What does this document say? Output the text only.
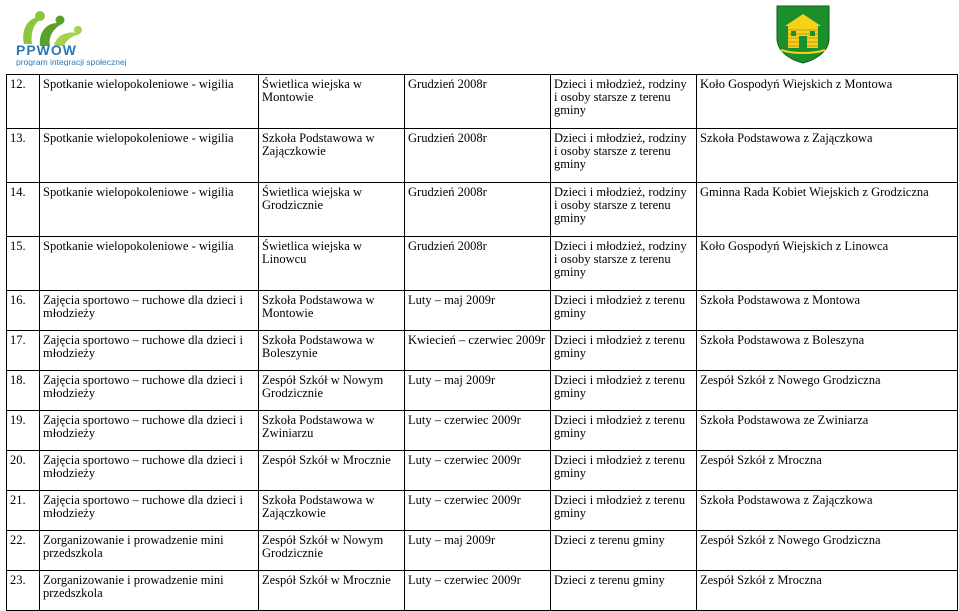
PPWOW
program integracji społecznej
12.	Spotkanie wielopokoleniowe - wigilia	Świetlica wiejska w Montowie	Grudzień 2008r	Dzieci i młodzież, rodziny i osoby starsze z terenu gminy	Koło Gospodyń Wiejskich z Montowa
13.	Spotkanie wielopokoleniowe - wigilia	Szkoła Podstawowa w Zajączkowie	Grudzień 2008r	Dzieci i młodzież, rodziny i osoby starsze z terenu gminy	Szkoła Podstawowa z Zajączkowa
14.	Spotkanie wielopokoleniowe - wigilia	Świetlica wiejska w Grodzicznie	Grudzień 2008r	Dzieci i młodzież, rodziny i osoby starsze z terenu gminy	Gminna Rada Kobiet Wiejskich z Grodziczna
15.	Spotkanie wielopokoleniowe - wigilia	Świetlica wiejska w Linowcu	Grudzień 2008r	Dzieci i młodzież, rodziny i osoby starsze z terenu gminy	Koło Gospodyń Wiejskich z Linowca
16.	Zajęcia sportowo – ruchowe dla dzieci i młodzieży	Szkoła Podstawowa w Montowie	Luty – maj 2009r	Dzieci i młodzież z terenu gminy	Szkoła Podstawowa z Montowa
17.	Zajęcia sportowo – ruchowe dla dzieci i młodzieży	Szkoła Podstawowa w Boleszynie	Kwiecień – czerwiec 2009r	Dzieci i młodzież z terenu gminy	Szkoła Podstawowa z Boleszyna
18.	Zajęcia sportowo – ruchowe dla dzieci i młodzieży	Zespół Szkół w Nowym Grodzicznie	Luty – maj 2009r	Dzieci i młodzież z terenu gminy	Zespół Szkół z Nowego Grodziczna
19.	Zajęcia sportowo – ruchowe dla dzieci i młodzieży	Szkoła Podstawowa w Zwiniarzu	Luty – czerwiec 2009r	Dzieci i młodzież z terenu gminy	Szkoła Podstawowa ze Zwiniarza
20.	Zajęcia sportowo – ruchowe dla dzieci i młodzieży	Zespół Szkół w Mrocznie	Luty – czerwiec 2009r	Dzieci i młodzież z terenu gminy	Zespół Szkół z Mroczna
21.	Zajęcia sportowo – ruchowe dla dzieci i młodzieży	Szkoła Podstawowa w Zajączkowie	Luty – czerwiec 2009r	Dzieci i młodzież z terenu gminy	Szkoła Podstawowa z Zajączkowa
22.	Zorganizowanie i prowadzenie mini przedszkola	Zespół Szkół w Nowym Grodzicznie	Luty – maj 2009r	Dzieci z terenu gminy	Zespół Szkół z Nowego Grodziczna
23.	Zorganizowanie i prowadzenie mini przedszkola	Zespół Szkół w Mrocznie	Luty – czerwiec 2009r	Dzieci z terenu gminy	Zespół Szkół z Mroczna
